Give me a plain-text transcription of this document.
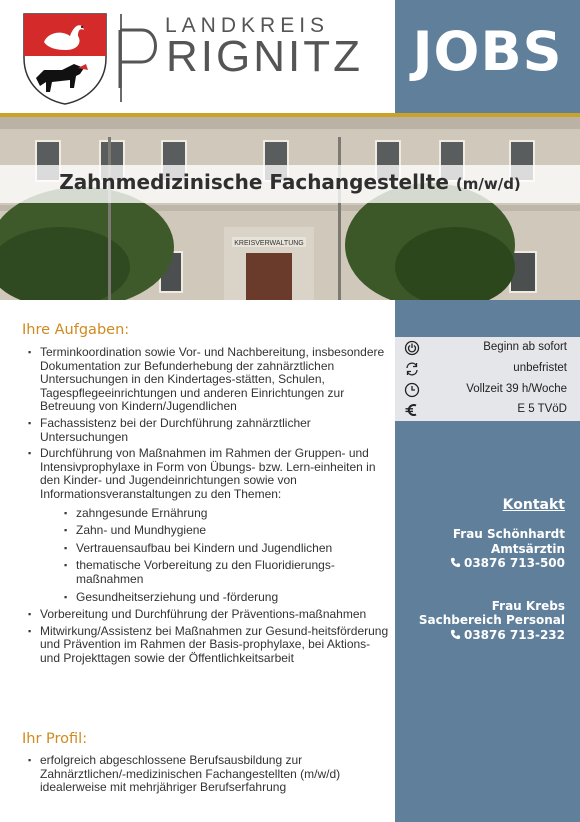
LANDKREIS
RIGNITZ JOBS
KREISVERWALTUNG
Zahnmedizinische Fachangestellte (m/w/d)
Ihre Aufgaben:
▪ Terminkoordination sowie Vor- und Nachbereitung, insbesondere Dokumentation zur Befunderhebung der zahnärztlichen Untersuchungen in den Kindertages-stätten, Schulen, Tagespflegeeinrichtungen und anderen Einrichtungen zur Betreuung von Kindern/Jugendlichen
▪ Fachassistenz bei der Durchführung zahnärztlicher Untersuchungen
▪ Durchführung von Maßnahmen im Rahmen der Gruppen- und Intensivprophylaxe in Form von Übungs- bzw. Lern-einheiten in den Kinder- und Jugendeinrichtungen sowie von Informationsveranstaltungen zu den Themen:
▪ zahngesunde Ernährung
▪ Zahn- und Mundhygiene
▪ Vertrauensaufbau bei Kindern und Jugendlichen
▪ thematische Vorbereitung zu den Fluoridierungs-maßnahmen
▪ Gesundheitserziehung und -förderung
▪ Vorbereitung und Durchführung der Präventions-maßnahmen
▪ Mitwirkung/Assistenz bei Maßnahmen zur Gesund-heitsförderung und Prävention im Rahmen der Basis-prophylaxe, bei Aktions- und Projekttagen sowie der Öffentlichkeitsarbeit
Ihr Profil:
▪ erfolgreich abgeschlossene Berufsausbildung zur Zahnärztlichen/-medizinischen Fachangestellten (m/w/d) idealerweise mit mehrjähriger Berufserfahrung
Beginn ab sofort
unbefristet
Vollzeit 39 h/Woche
E 5 TVöD
Kontakt
Frau Schönhardt
Amtsärztin
03876 713-500
Frau Krebs
Sachbereich Personal
03876 713-232
